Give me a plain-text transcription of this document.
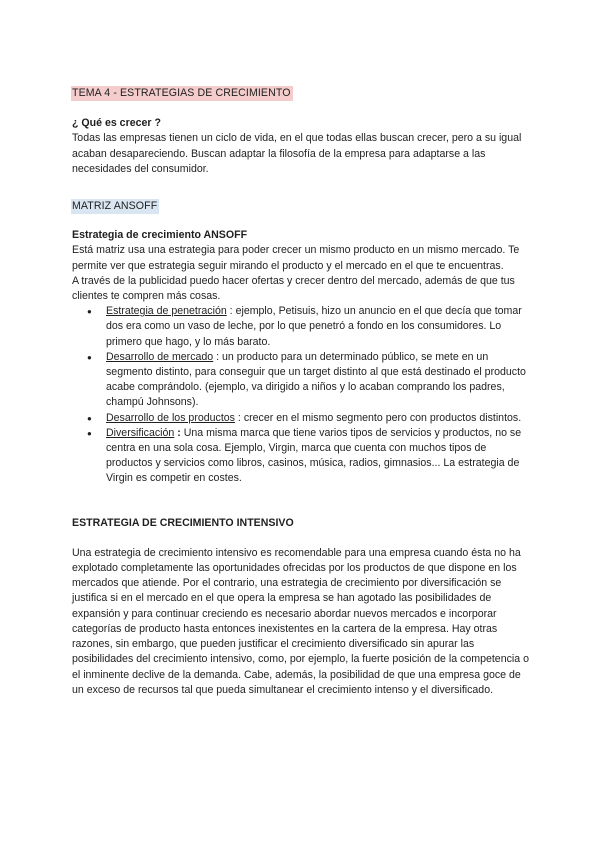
TEMA 4 - ESTRATEGIAS DE CRECIMIENTO

¿ Qué es crecer ?

Todas las empresas tienen un ciclo de vida, en el que todas ellas buscan crecer, pero a su igual acaban desapareciendo. Buscan adaptar la filosofía de la empresa para adaptarse a las necesidades del consumidor.

MATRIZ ANSOFF

Estrategia de crecimiento ANSOFF

Está matriz usa una estrategia para poder crecer un mismo producto en un mismo mercado. Te permite ver que estrategia seguir mirando el producto y el mercado en el que te encuentras.

A través de la publicidad puedo hacer ofertas y crecer dentro del mercado, además de que tus clientes te compren más cosas.

● Estrategia de penetración : ejemplo, Petisuis, hizo un anuncio en el que decía que tomar dos era como un vaso de leche, por lo que penetró a fondo en los consumidores. Lo primero que hago, y lo más barato.
● Desarrollo de mercado : un producto para un determinado público, se mete en un segmento distinto, para conseguir que un target distinto al que está destinado el producto acabe comprándolo. (ejemplo, va dirigido a niños y lo acaban comprando los padres, champú Johnsons).
● Desarrollo de los productos : crecer en el mismo segmento pero con productos distintos.
● Diversificación : Una misma marca que tiene varios tipos de servicios y productos, no se centra en una sola cosa. Ejemplo, Virgin, marca que cuenta con muchos tipos de productos y servicios como libros, casinos, música, radios, gimnasios... La estrategia de Virgin es competir en costes.

ESTRATEGIA DE CRECIMIENTO INTENSIVO

Una estrategia de crecimiento intensivo es recomendable para una empresa cuando ésta no ha explotado completamente las oportunidades ofrecidas por los productos de que dispone en los mercados que atiende. Por el contrario, una estrategia de crecimiento por diversificación se justifica si en el mercado en el que opera la empresa se han agotado las posibilidades de expansión y para continuar creciendo es necesario abordar nuevos mercados e incorporar categorías de producto hasta entonces inexistentes en la cartera de la empresa. Hay otras razones, sin embargo, que pueden justificar el crecimiento diversificado sin apurar las posibilidades del crecimiento intensivo, como, por ejemplo, la fuerte posición de la competencia o el inminente declive de la demanda. Cabe, además, la posibilidad de que una empresa goce de un exceso de recursos tal que pueda simultanear el crecimiento intenso y el diversificado.
